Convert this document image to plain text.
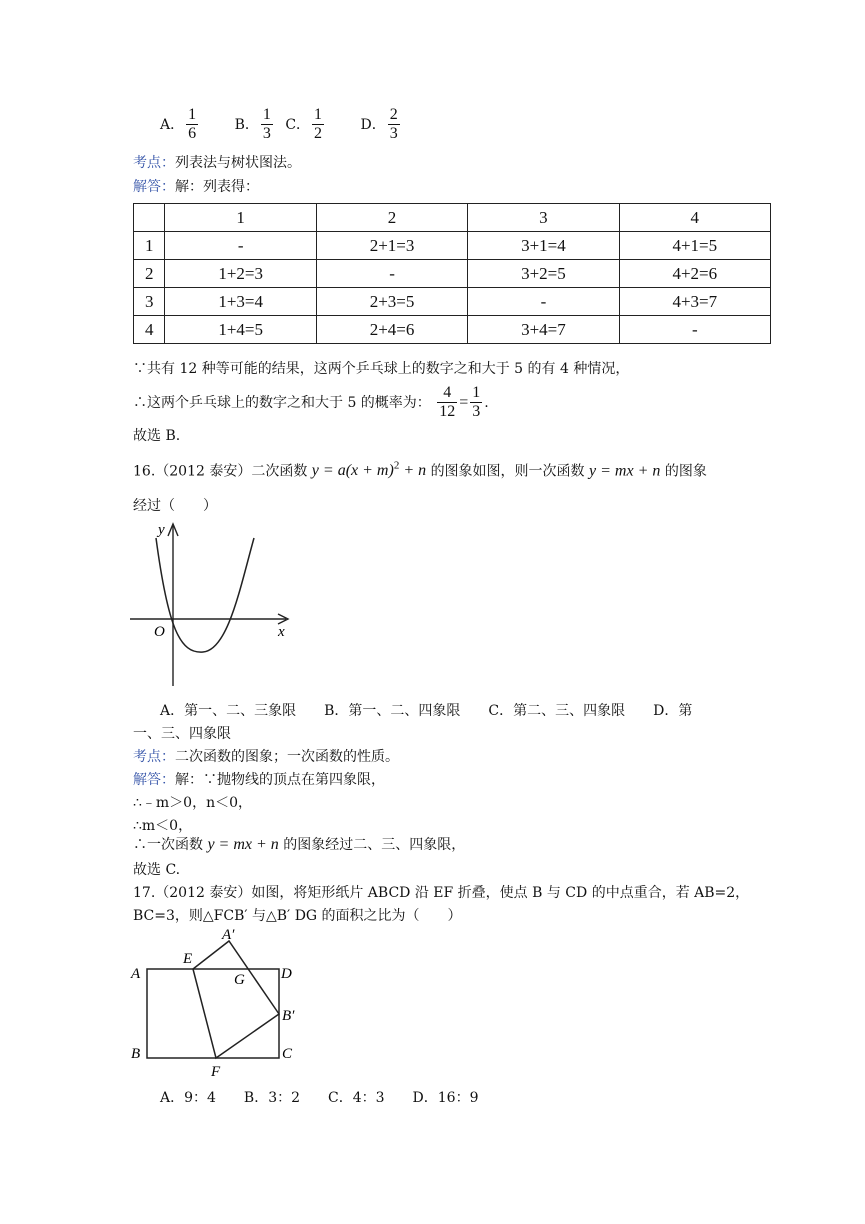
A． $\frac{1}{6}$	B． $\frac{1}{3}$ C． $\frac{1}{2}$	D． $\frac{2}{3}$
考点：列表法与树状图法。
解答：解：列表得：
	1	2	3	4
1	-	2+1=3	3+1=4	4+1=5
2	1+2=3	-	3+2=5	4+2=6
3	1+3=4	2+3=5	-	4+3=7
4	1+4=5	2+4=6	3+4=7	-
∵共有 12 种等可能的结果，这两个乒乓球上的数字之和大于 5 的有 4 种情况，
∴这两个乒乓球上的数字之和大于 5 的概率为： $\frac{4}{12} = \frac{1}{3}$ .
故选 B.
16.（2012 泰安）二次函数 $y = a(x + m)^2 + n$ 的图象如图，则一次函数 y = mx + n 的图象
经过（　　）
y
x
O
A．第一、二、三象限　　B．第一、二、四象限　　C．第二、三、四象限　　D．第
一、三、四象限
考点：二次函数的图象；一次函数的性质。
解答：解：∵抛物线的顶点在第四象限，
∴﹣m＞0，n＜0，
∴m＜0，
∴一次函数 y = mx + n 的图象经过二、三、四象限，
故选 C.
17.（2012 泰安）如图，将矩形纸片 ABCD 沿 EF 折叠，使点 B 与 CD 的中点重合，若 AB=2，
BC=3，则△FCB′ 与△B′ DG 的面积之比为（　　）
A
A′
E
G D
B′
B
F
C
A．9：4　　B．3：2　　C．4：3　　D．16：9
